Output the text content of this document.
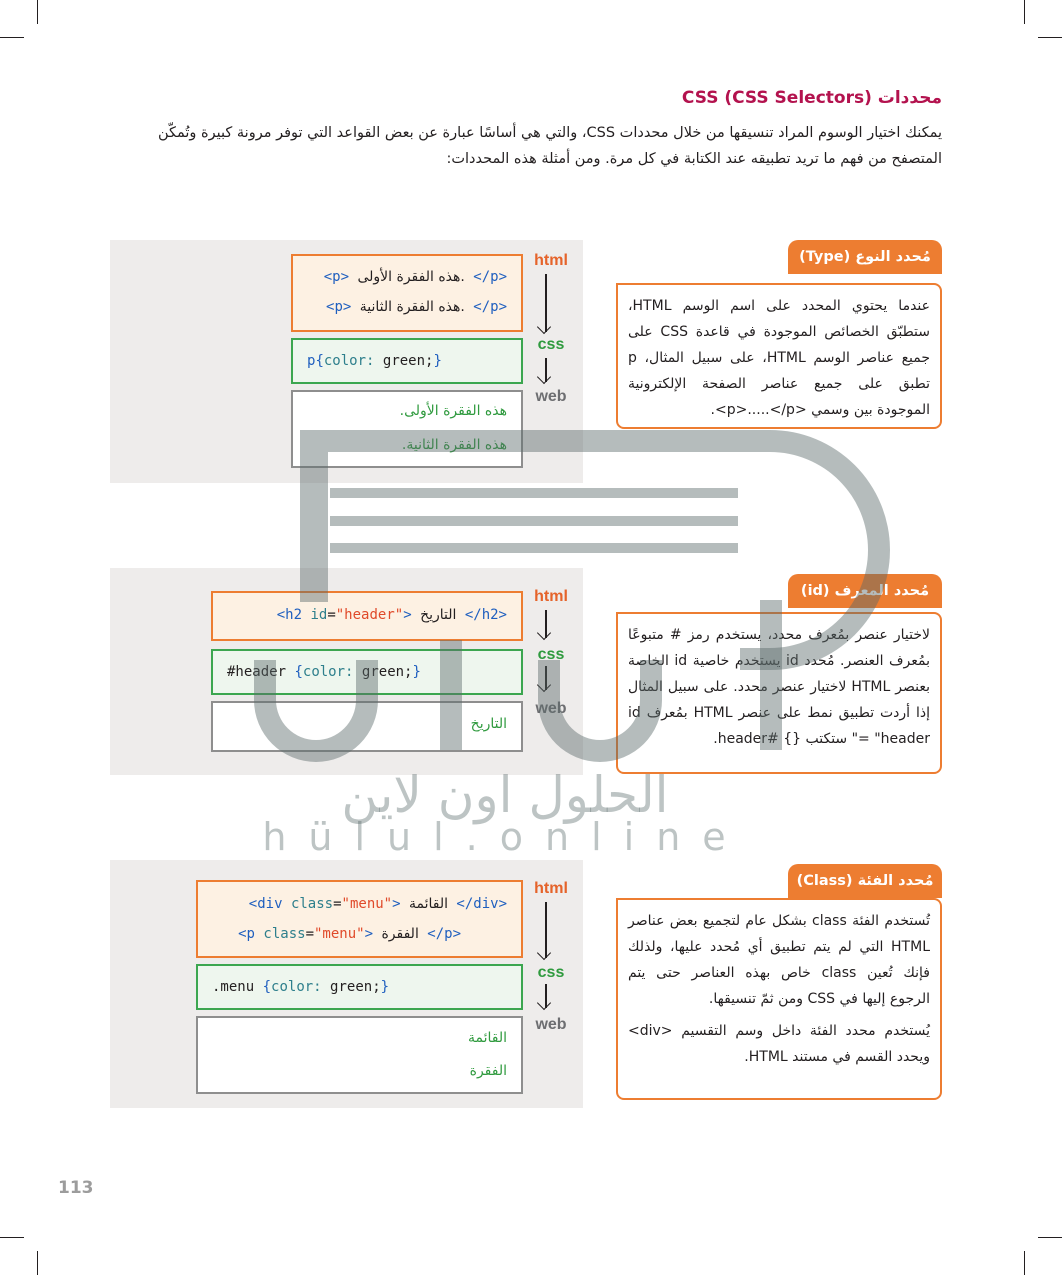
محددات CSS (CSS Selectors)

يمكنك اختيار الوسوم المراد تنسيقها من خلال محددات CSS، والتي هي أساسًا عبارة عن بعض القواعد التي توفر مرونة كبيرة وتُمكّن

المتصفح من فهم ما تريد تطبيقه عند الكتابة في كل مرة. ومن أمثلة هذه المحددات:

<p> هذه الفقرة الأولى. </p>
<p> هذه الفقرة الثانية. </p>
p{color: green;}
هذه الفقرة الأولى.
هذه الفقرة الثانية.
html
css
web
مُحدد النوع (Type)

عندما يحتوي المحدد على اسم الوسم HTML، ستطبّق الخصائص الموجودة في قاعدة CSS على جميع عناصر الوسم HTML، على سبيل المثال، p تطبق على جميع عناصر الصفحة الإلكترونية الموجودة بين وسمي <p>.....</p>.

<h2 id="header"> التاريخ </h2>
#header {color: green;}
التاريخ
html
css
web
مُحدد المعرف (id)

لاختيار عنصر بمُعرف محدد، يستخدم رمز # متبوعًا بمُعرف العنصر. مُحدد id يستخدم خاصية id الخاصة بعنصر HTML لاختيار عنصر محدد. على سبيل المثال إذا أردت تطبيق نمط على عنصر HTML بمُعرف id = "header" ستكتب {} #header.

<div class="menu"> القائمة </div>
<p class="menu"> الفقرة </p>
.menu {color: green;}
القائمة
الفقرة
html
css
web
مُحدد الفئة (Class)

تُستخدم الفئة class بشكل عام لتجميع بعض عناصر HTML التي لم يتم تطبيق أي مُحدد عليها، ولذلك فإنك تُعين class خاص بهذه العناصر حتى يتم الرجوع إليها في CSS ومن ثمّ تنسيقها.

يُستخدم محدد الفئة داخل وسم التقسيم <div> ويحدد القسم في مستند HTML.

الحلول اون لاين
hülul.online
113
